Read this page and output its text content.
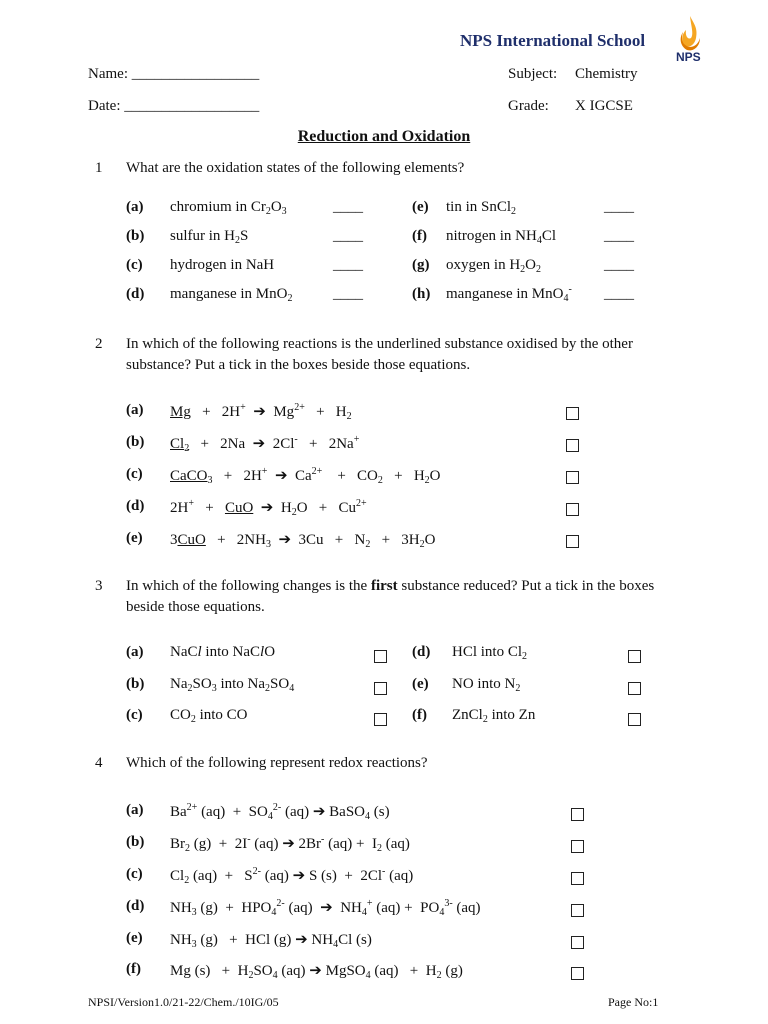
NPS International School
NPS
Name: _________________
Date: __________________
Subject: Chemistry
Grade: X IGCSE
Reduction and Oxidation
1 What are the oxidation states of the following elements?
(a) chromium in $Cr_2O_3$	____
(b) sulfur in $H_2S$	____
(c) hydrogen in NaH	____
(d) manganese in MnO$_2$	____
(e) tin in SnCl$_2$	____
(f) nitrogen in $NH_4Cl$	____
(g) oxygen in $H_2O_2$	____
(h) manganese in MnO$_4$- ____
2 In which of the following reactions is the underlined substance oxidised by the other substance? Put a tick in the boxes beside those equations.
(a) Mg   +   2H+  ➔  $Mg^{2+} + H_2$
(b) $Cl_2 + 2Na$  ➔  2Cl-   +   2Na+
(c) CaCO$_3$   +   2H+  ➔  $Ca^{2+}$    +   $CO_2 + H_2O$
(d) 2H+   +   CuO  ➔  $H_2O + Cu^{2+}$
(e) $3CuO + 2NH_3$  ➔  $3Cu + N_2 + 3H_2O$
3 In which of the following changes is the first substance reduced? Put a tick in the boxes beside those equations.
(a) NaCl into NaClO
(b) $Na_2SO_3$ into $Na_2SO_4$
(c) $CO_2$ into CO
(d) HCl into $Cl_2$
(e) NO into $N_2$
(f) ZnCl$_2$ into Zn
4 Which of the following represent redox reactions?
(a) $Ba^{2+}$ $(aq) + SO_4^{2-}$ (aq) ➔ BaSO$_4$ (s)
(b) $Br_2$ (g)  +  2I- (aq) ➔ 2Br- $(aq) + I_2$ (aq)
(c) $Cl_2$ $(aq) + S^{2-}$ (aq) ➔ S (s)  +  2Cl- (aq)
(d) $NH_3$ $(g) + HPO_4^{2-}$ (aq)  ➔  $NH_4^+$ $(aq) + PO_4^{3-}$ (aq)
(e) $NH_3$ (g)   +  HCl (g) ➔ $NH_4Cl$ (s)
(f) Mg $(s) + H_2SO_4$ (aq) ➔ MgSO$_4$ $(aq) + H_2$ (g)
NPSI/Version1.0/21-22/Chem./10IG/05	Page No:1
